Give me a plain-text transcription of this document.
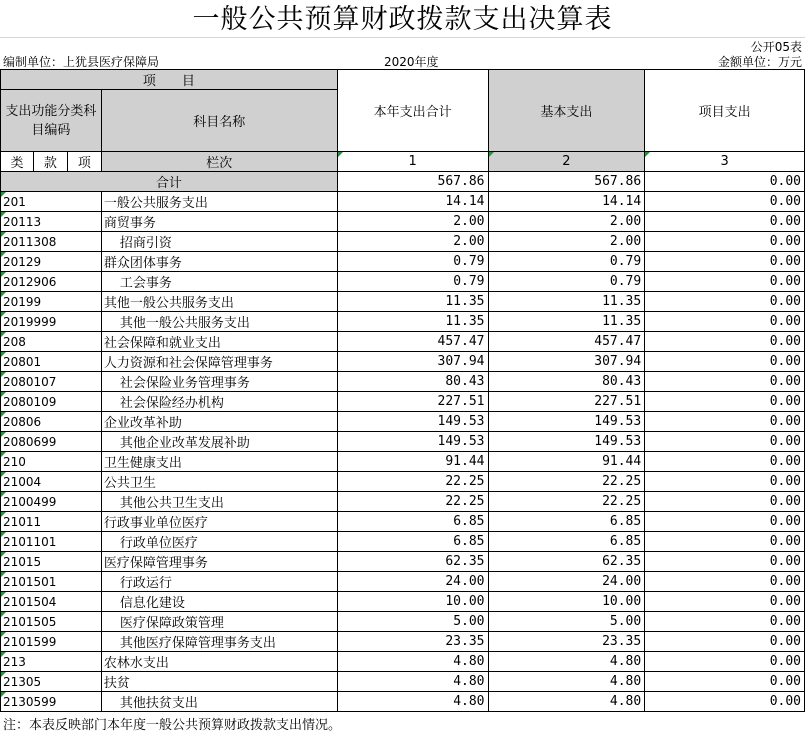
一般公共预算财政拨款支出决算表
公开05表
编制单位：上犹县医疗保障局	2020年度	金额单位：万元
项　　目				本年支出合计	基本支出	项目支出
支出功能分类科目编码			科目名称			
类	款	项	栏次	1	2	3
合计				567.86	567.86	0.00
201			一般公共服务支出	14.14	14.14	0.00
20113			商贸事务	2.00	2.00	0.00
2011308			招商引资	2.00	2.00	0.00
20129			群众团体事务	0.79	0.79	0.00
2012906			工会事务	0.79	0.79	0.00
20199			其他一般公共服务支出	11.35	11.35	0.00
2019999			其他一般公共服务支出	11.35	11.35	0.00
208			社会保障和就业支出	457.47	457.47	0.00
20801			人力资源和社会保障管理事务	307.94	307.94	0.00
2080107			社会保险业务管理事务	80.43	80.43	0.00
2080109			社会保险经办机构	227.51	227.51	0.00
20806			企业改革补助	149.53	149.53	0.00
2080699			其他企业改革发展补助	149.53	149.53	0.00
210			卫生健康支出	91.44	91.44	0.00
21004			公共卫生	22.25	22.25	0.00
2100499			其他公共卫生支出	22.25	22.25	0.00
21011			行政事业单位医疗	6.85	6.85	0.00
2101101			行政单位医疗	6.85	6.85	0.00
21015			医疗保障管理事务	62.35	62.35	0.00
2101501			行政运行	24.00	24.00	0.00
2101504			信息化建设	10.00	10.00	0.00
2101505			医疗保障政策管理	5.00	5.00	0.00
2101599			其他医疗保障管理事务支出	23.35	23.35	0.00
213			农林水支出	4.80	4.80	0.00
21305			扶贫	4.80	4.80	0.00
2130599			其他扶贫支出	4.80	4.80	0.00
注：本表反映部门本年度一般公共预算财政拨款支出情况。
